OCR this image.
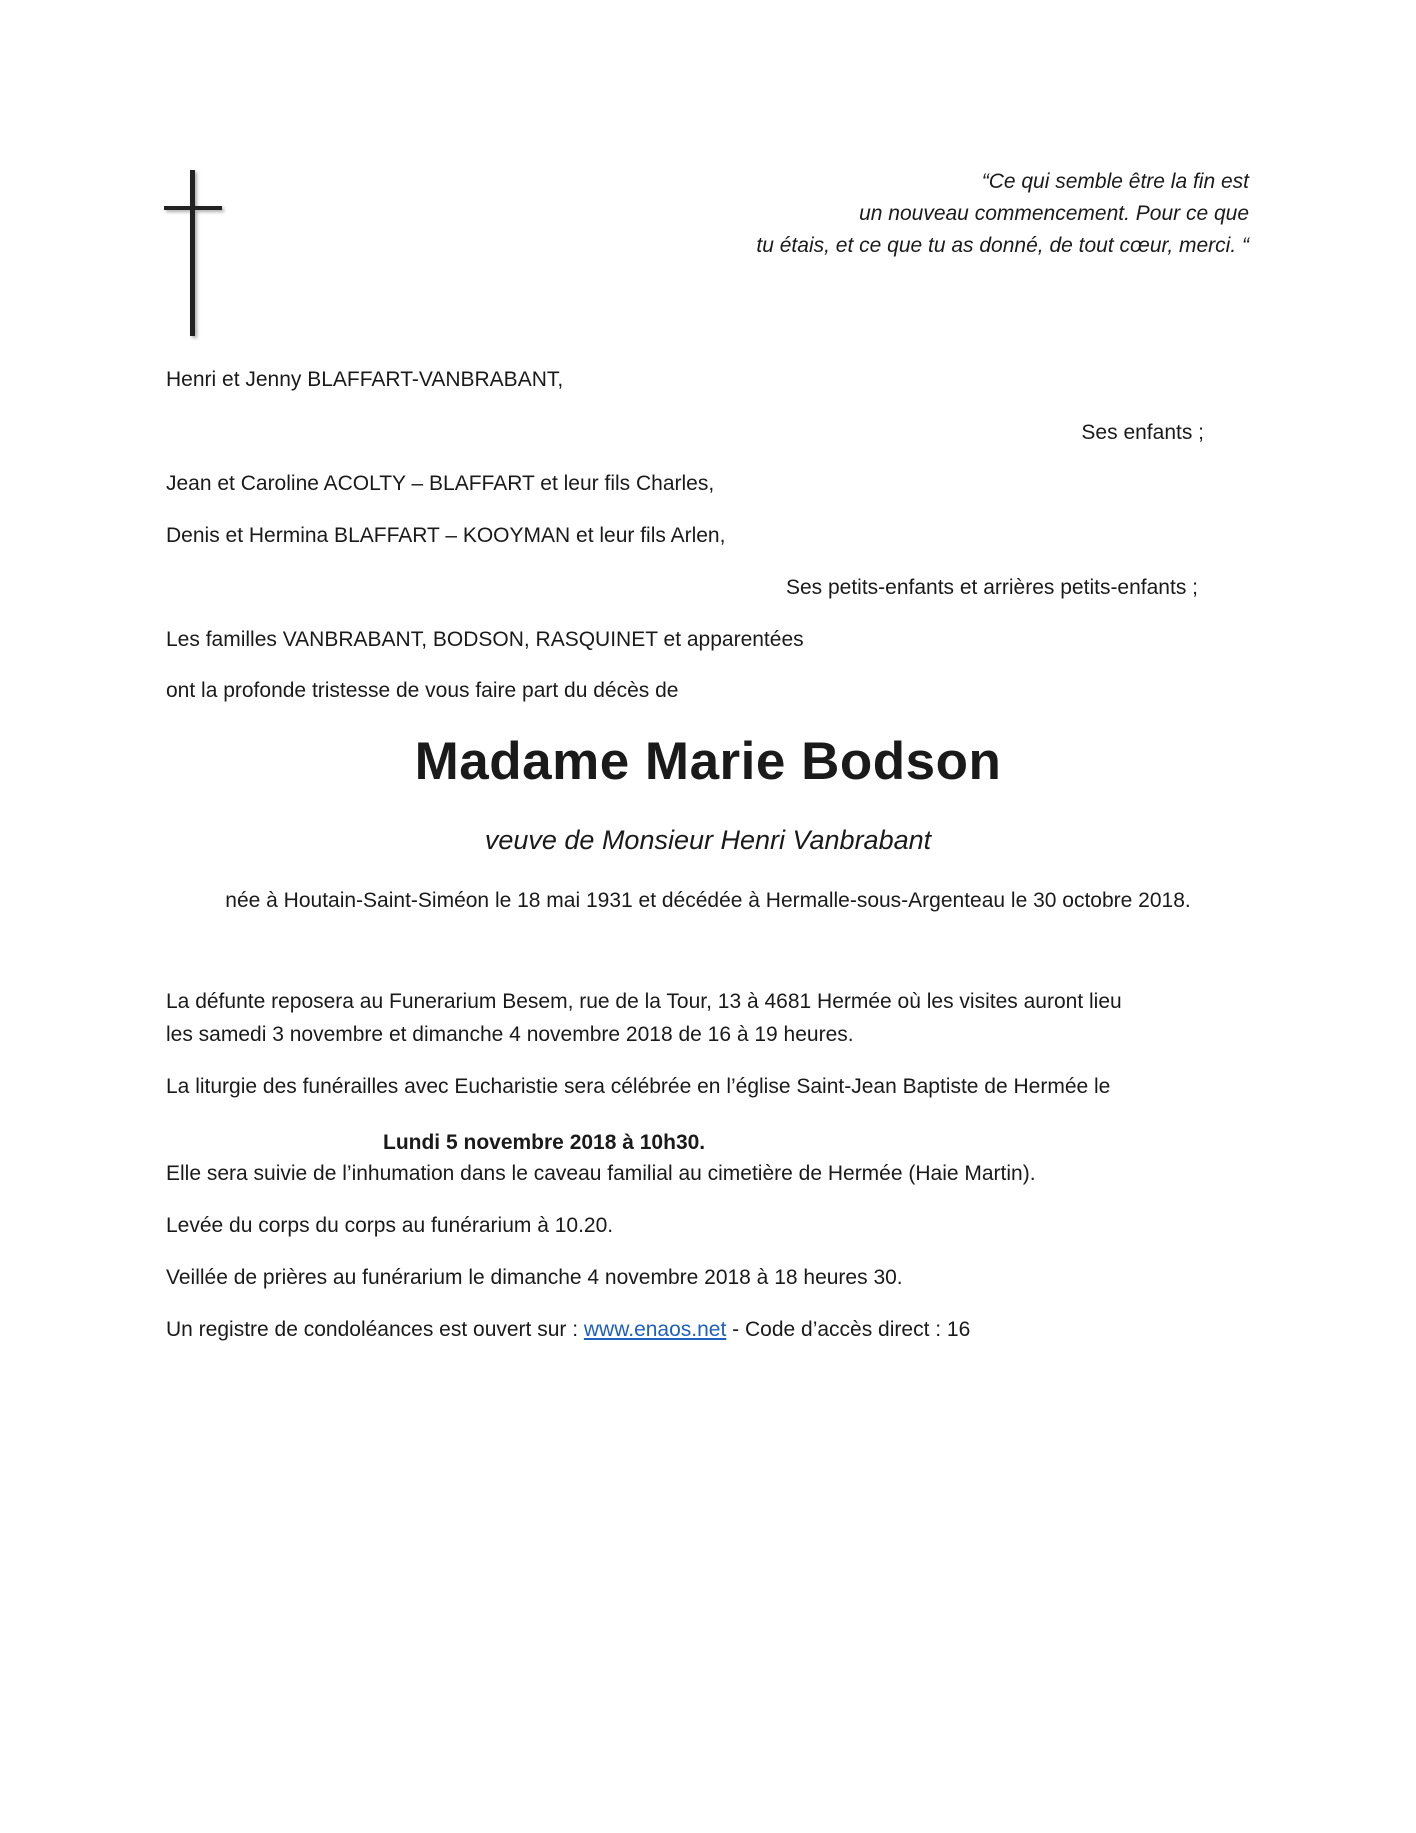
“Ce qui semble être la fin est
un nouveau commencement. Pour ce que
tu étais, et ce que tu as donné, de tout cœur, merci. “

Henri et Jenny BLAFFART-VANBRABANT,

Ses enfants ;

Jean et Caroline ACOLTY – BLAFFART et leur fils Charles,

Denis et Hermina BLAFFART – KOOYMAN et leur fils Arlen,

Ses petits-enfants et arrières petits-enfants ;

Les familles VANBRABANT, BODSON, RASQUINET et apparentées

ont la profonde tristesse de vous faire part du décès de

Madame Marie Bodson

veuve de Monsieur Henri Vanbrabant

née à Houtain-Saint-Siméon le 18 mai 1931 et décédée à Hermalle-sous-Argenteau le 30 octobre 2018.

La défunte reposera au Funerarium Besem, rue de la Tour, 13 à 4681 Hermée où les visites auront lieu

les samedi 3 novembre et dimanche 4 novembre 2018 de 16 à 19 heures.

La liturgie des funérailles avec Eucharistie sera célébrée en l’église Saint-Jean Baptiste de Hermée le

Lundi 5 novembre 2018 à 10h30.

Elle sera suivie de l’inhumation dans le caveau familial au cimetière de Hermée (Haie Martin).

Levée du corps du corps au funérarium à 10.20.

Veillée de prières au funérarium le dimanche 4 novembre 2018 à 18 heures 30.

Un registre de condoléances est ouvert sur : www.enaos.net - Code d’accès direct : 16
